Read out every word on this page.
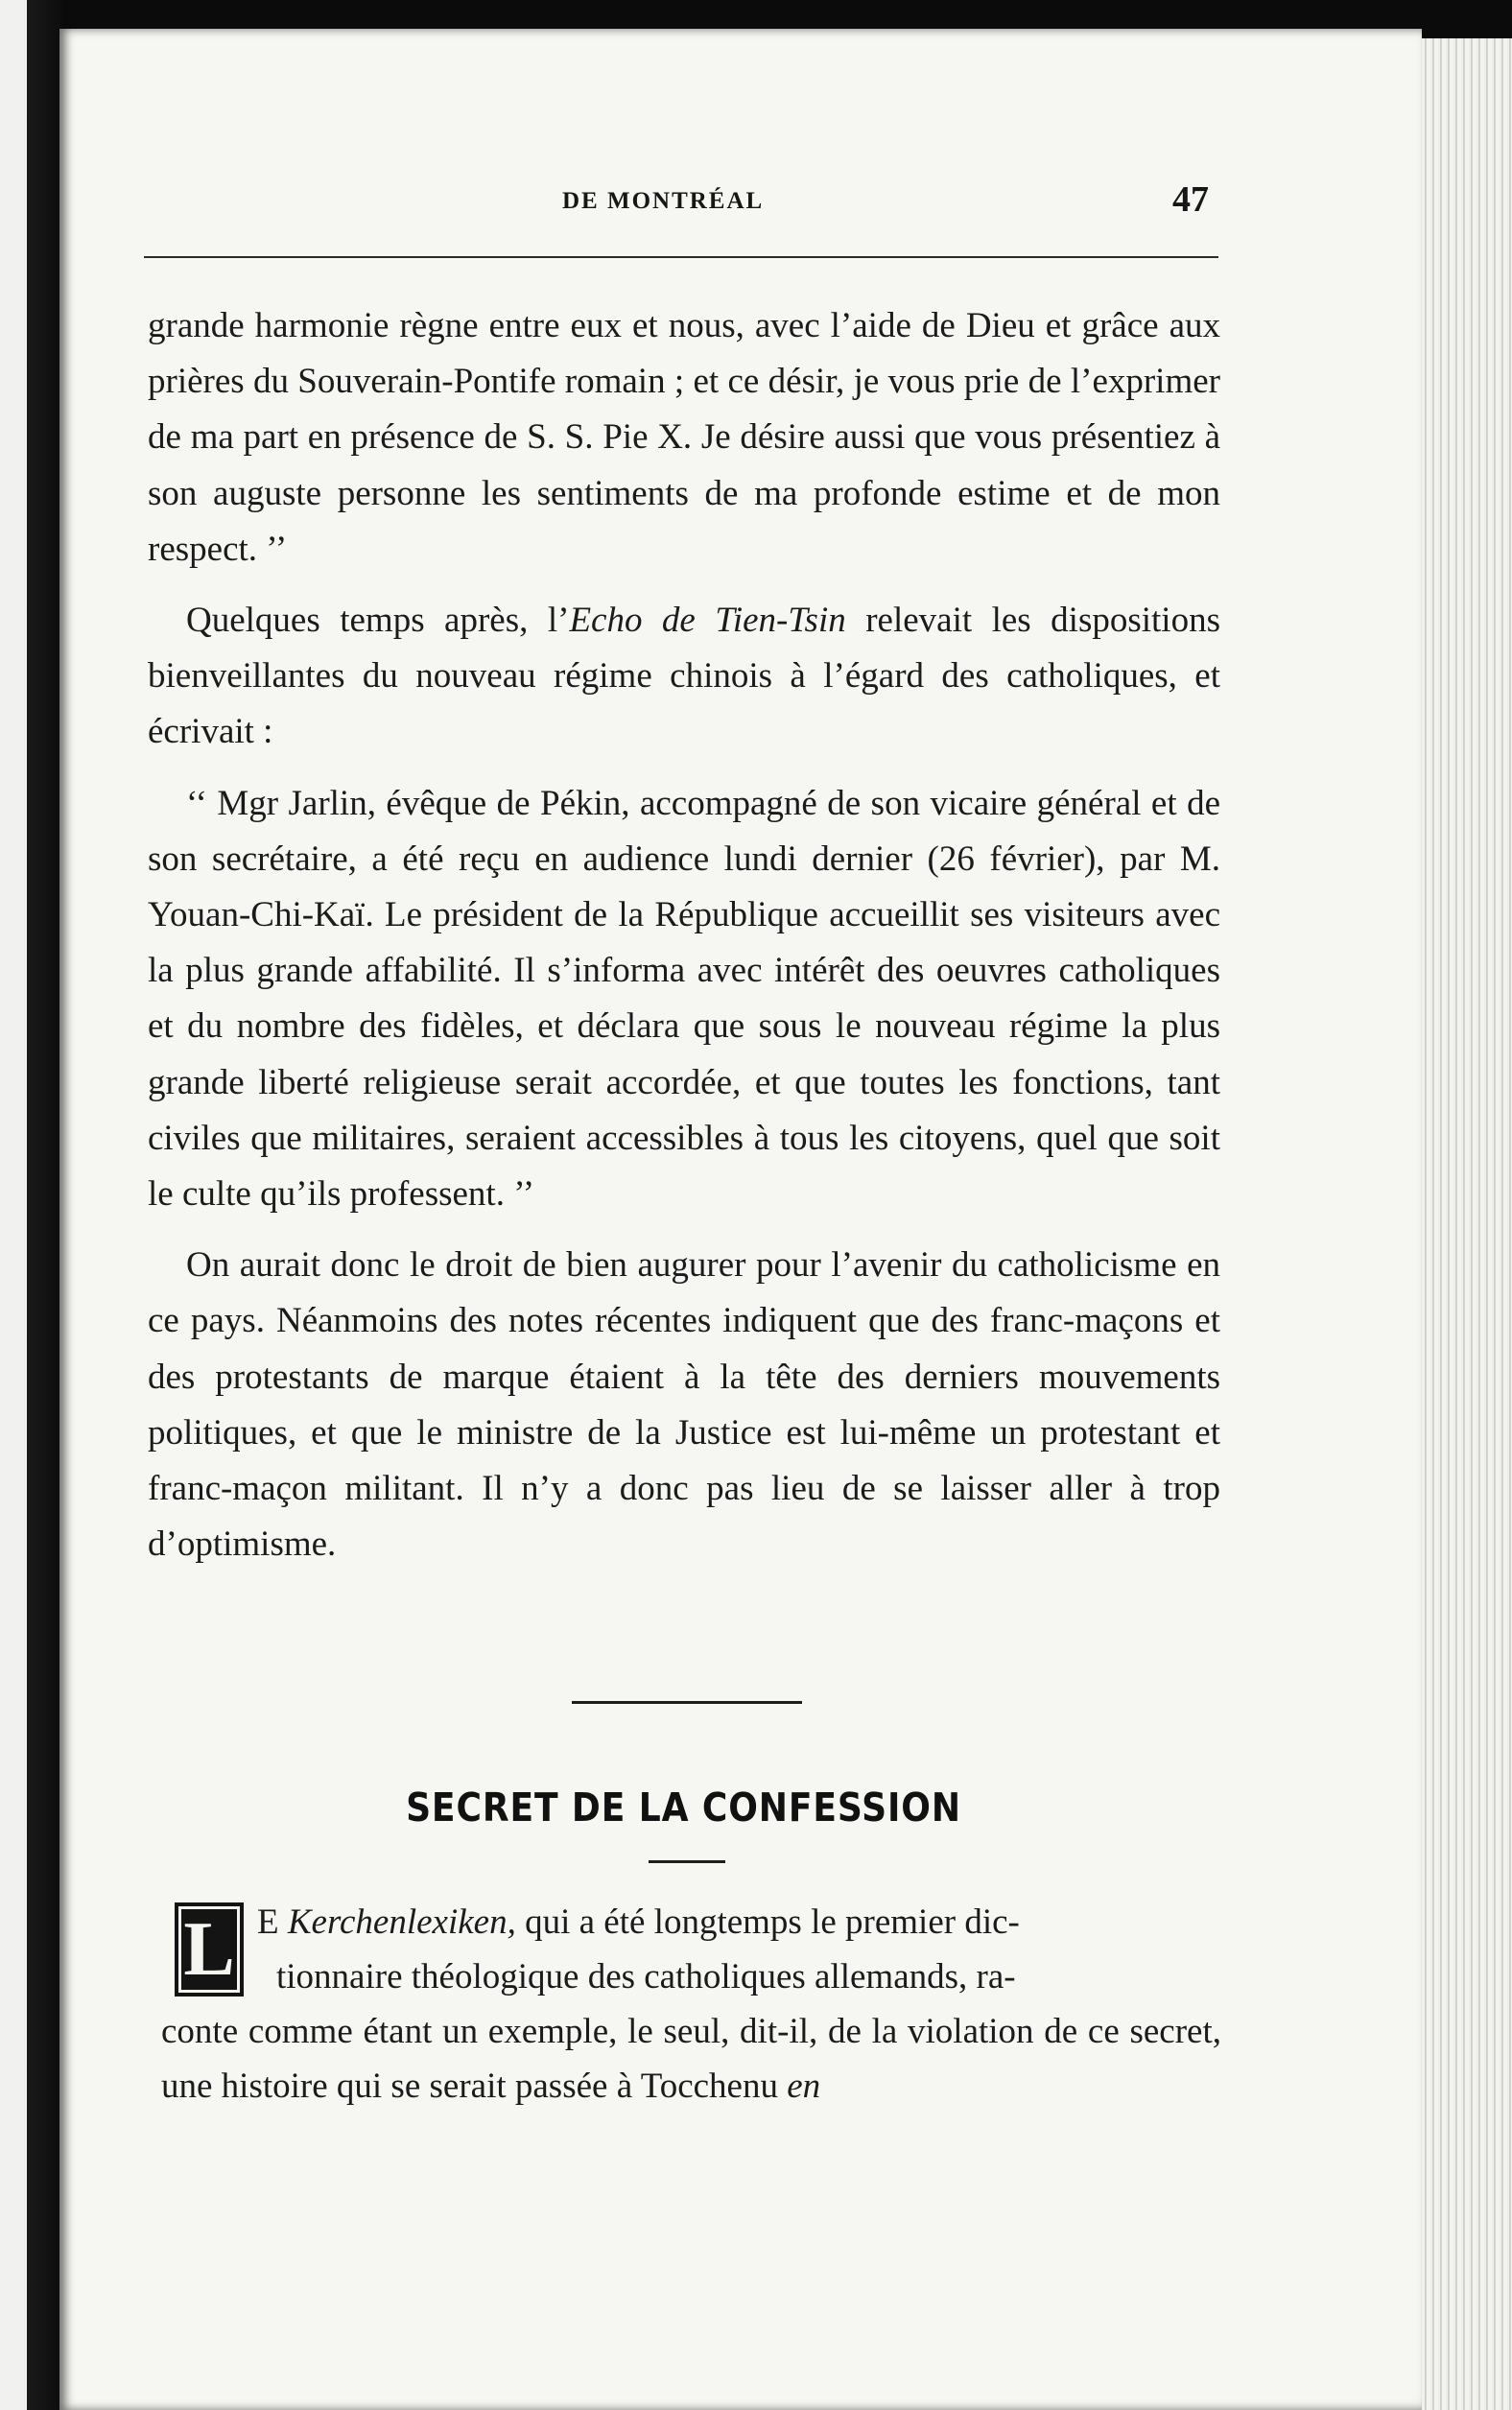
DE MONTRÉAL	47

grande harmonie règne entre eux et nous, avec l’aide de Dieu et grâce aux prières du Souverain-Pontife romain ; et ce désir, je vous prie de l’exprimer de ma part en présence de S. S. Pie X. Je désire aussi que vous présentiez à son auguste personne les sentiments de ma profonde estime et de mon respect. ’’

Quelques temps après, l’Echo de Tien-Tsin relevait les dispositions bienveillantes du nouveau régime chinois à l’égard des catholiques, et écrivait :

‘‘ Mgr Jarlin, évêque de Pékin, accompagné de son vicaire général et de son secrétaire, a été reçu en audience lundi dernier (26 février), par M. Youan-Chi-Kaï. Le président de la République accueillit ses visiteurs avec la plus grande affabilité. Il s’informa avec intérêt des oeuvres catholiques et du nombre des fidèles, et déclara que sous le nouveau régime la plus grande liberté religieuse serait accordée, et que toutes les fonctions, tant civiles que militaires, seraient accessibles à tous les citoyens, quel que soit le culte qu’ils professent. ’’

On aurait donc le droit de bien augurer pour l’avenir du catholicisme en ce pays. Néanmoins des notes récentes indiquent que des franc-maçons et des protestants de marque étaient à la tête des derniers mouvements politiques, et que le ministre de la Justice est lui-même un protestant et franc-maçon militant. Il n’y a donc pas lieu de se laisser aller à trop d’optimisme.

SECRET DE LA CONFESSION
L E Kerchenlexiken, qui a été longtemps le premier dic-
tionnaire théologique des catholiques allemands, ra-
conte comme étant un exemple, le seul, dit-il, de la violation de ce secret, une histoire qui se serait passée à Tocchenu en
